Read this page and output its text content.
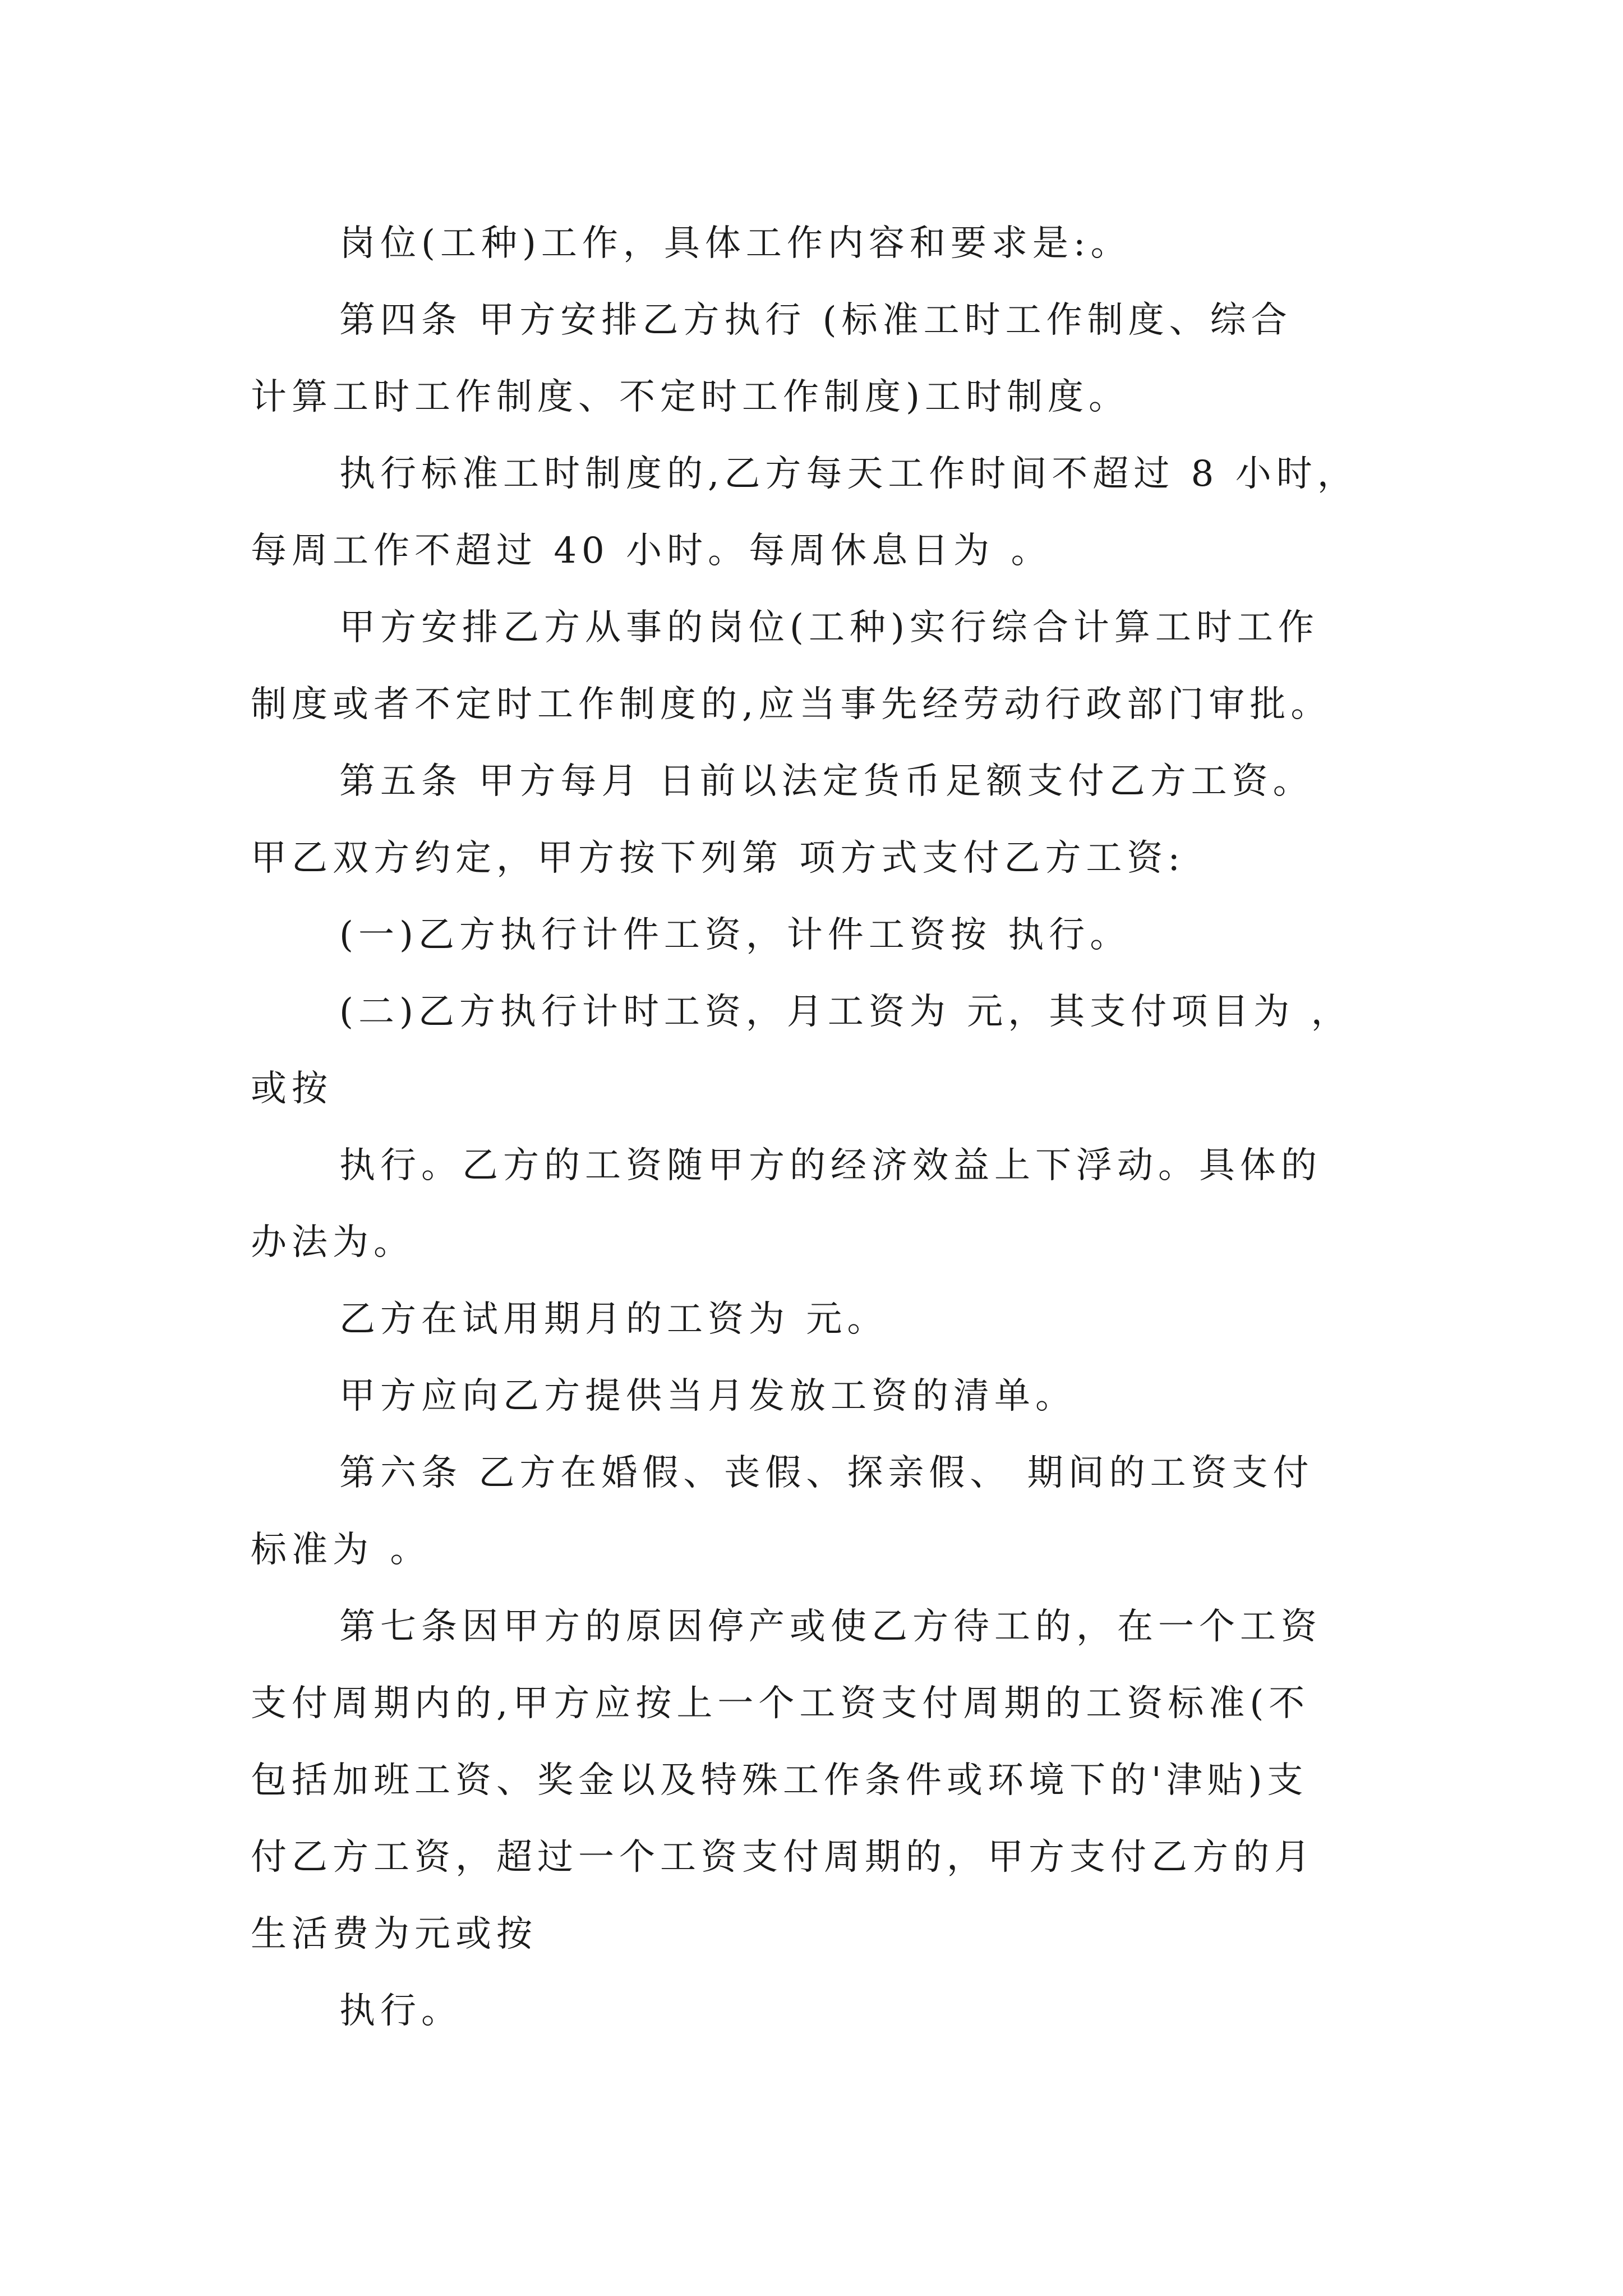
岗位(工种)工作，具体工作内容和要求是:。
第四条 甲方安排乙方执行 (标准工时工作制度、综合
计算工时工作制度、不定时工作制度)工时制度。
执行标准工时制度的,乙方每天工作时间不超过 8 小时，
每周工作不超过 40 小时。每周休息日为 。
甲方安排乙方从事的岗位(工种)实行综合计算工时工作
制度或者不定时工作制度的,应当事先经劳动行政部门审批。
第五条 甲方每月 日前以法定货币足额支付乙方工资。
甲乙双方约定，甲方按下列第 项方式支付乙方工资:
(一)乙方执行计件工资，计件工资按 执行。
(二)乙方执行计时工资，月工资为 元，其支付项目为 ，
或按
执行。乙方的工资随甲方的经济效益上下浮动。具体的
办法为。
乙方在试用期月的工资为 元。
甲方应向乙方提供当月发放工资的清单。
第六条 乙方在婚假、丧假、探亲假、 期间的工资支付
标准为 。
第七条因甲方的原因停产或使乙方待工的，在一个工资
支付周期内的,甲方应按上一个工资支付周期的工资标准(不
包括加班工资、奖金以及特殊工作条件或环境下的'津贴)支
付乙方工资，超过一个工资支付周期的，甲方支付乙方的月
生活费为元或按
执行。
